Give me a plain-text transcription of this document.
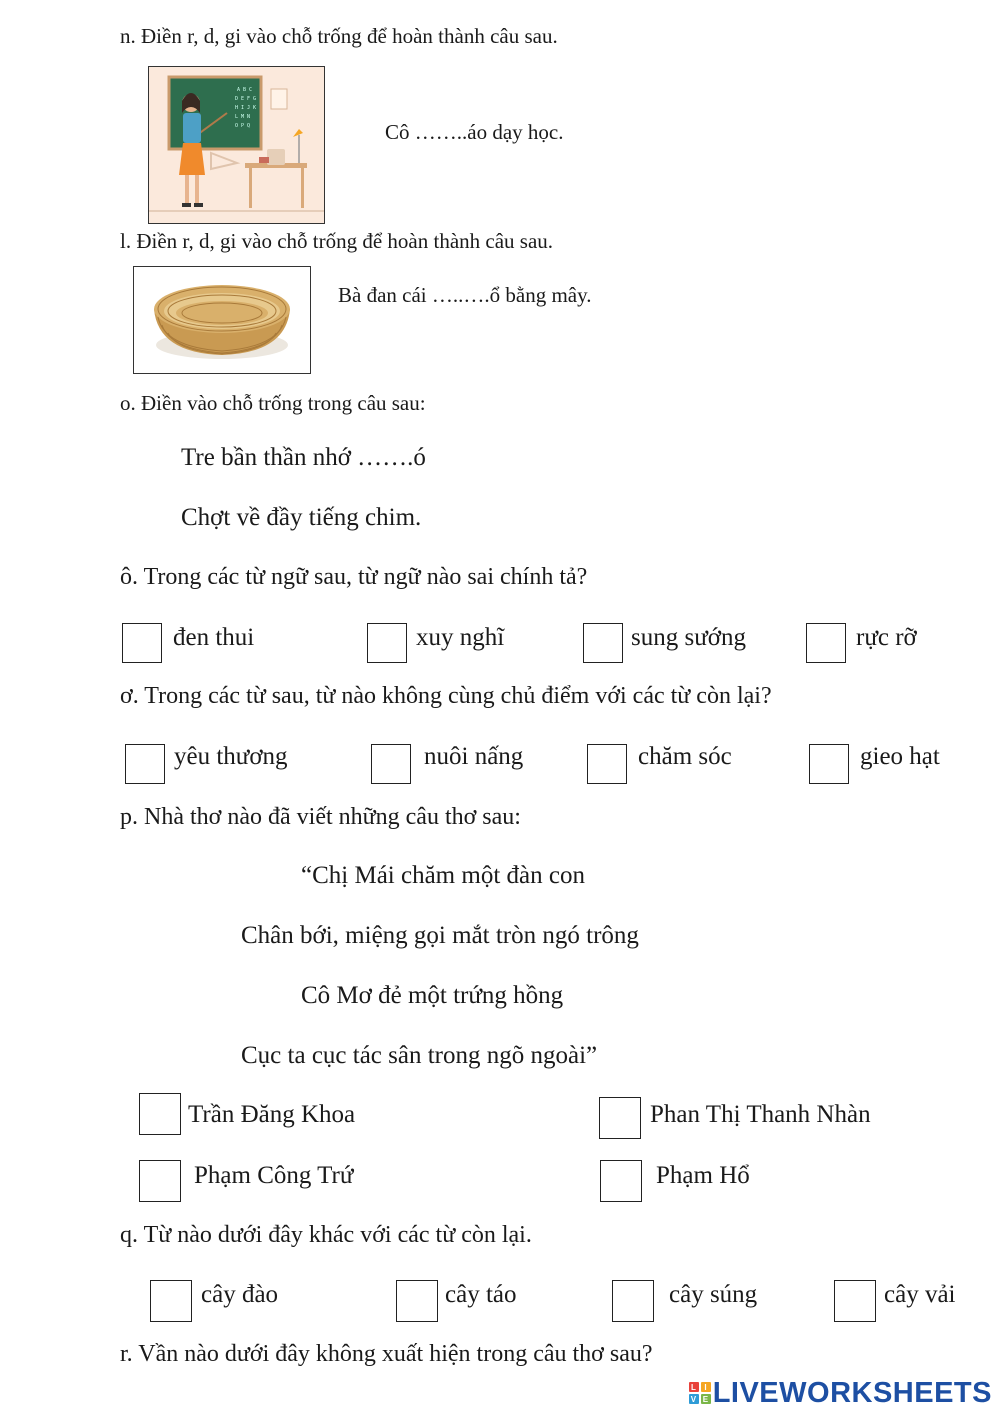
n. Điền r, d, gi vào chỗ trống để hoàn thành câu sau.
A B C
D E F G
H I J K
L M N
O P Q	Cô ……..áo dạy học.
l. Điền r, d, gi vào chỗ trống để hoàn thành câu sau.
Bà đan cái …..….ổ bằng mây.
o. Điền vào chỗ trống trong câu sau:
Tre bần thần nhớ …….ó
Chợt về đầy tiếng chim.
ô. Trong các từ ngữ sau, từ ngữ nào sai chính tả?
đen thui	xuy nghĩ	sung sướng	rực rỡ
ơ. Trong các từ sau, từ nào không cùng chủ điểm với các từ còn lại?
yêu thương	nuôi nấng	chăm sóc	gieo hạt
p. Nhà thơ nào đã viết những câu thơ sau:
“Chị Mái chăm một đàn con
Chân bới, miệng gọi mắt tròn ngó trông
Cô Mơ đẻ một trứng hồng
Cục ta cục tác sân trong ngõ ngoài”
Trần Đăng Khoa	Phan Thị Thanh Nhàn
Phạm Công Trứ	Phạm Hổ
q. Từ nào dưới đây khác với các từ còn lại.
cây đào	cây táo	cây súng	cây vải
r. Vần nào dưới đây không xuất hiện trong câu thơ sau?
L I
V E LIVEWORKSHEETS
